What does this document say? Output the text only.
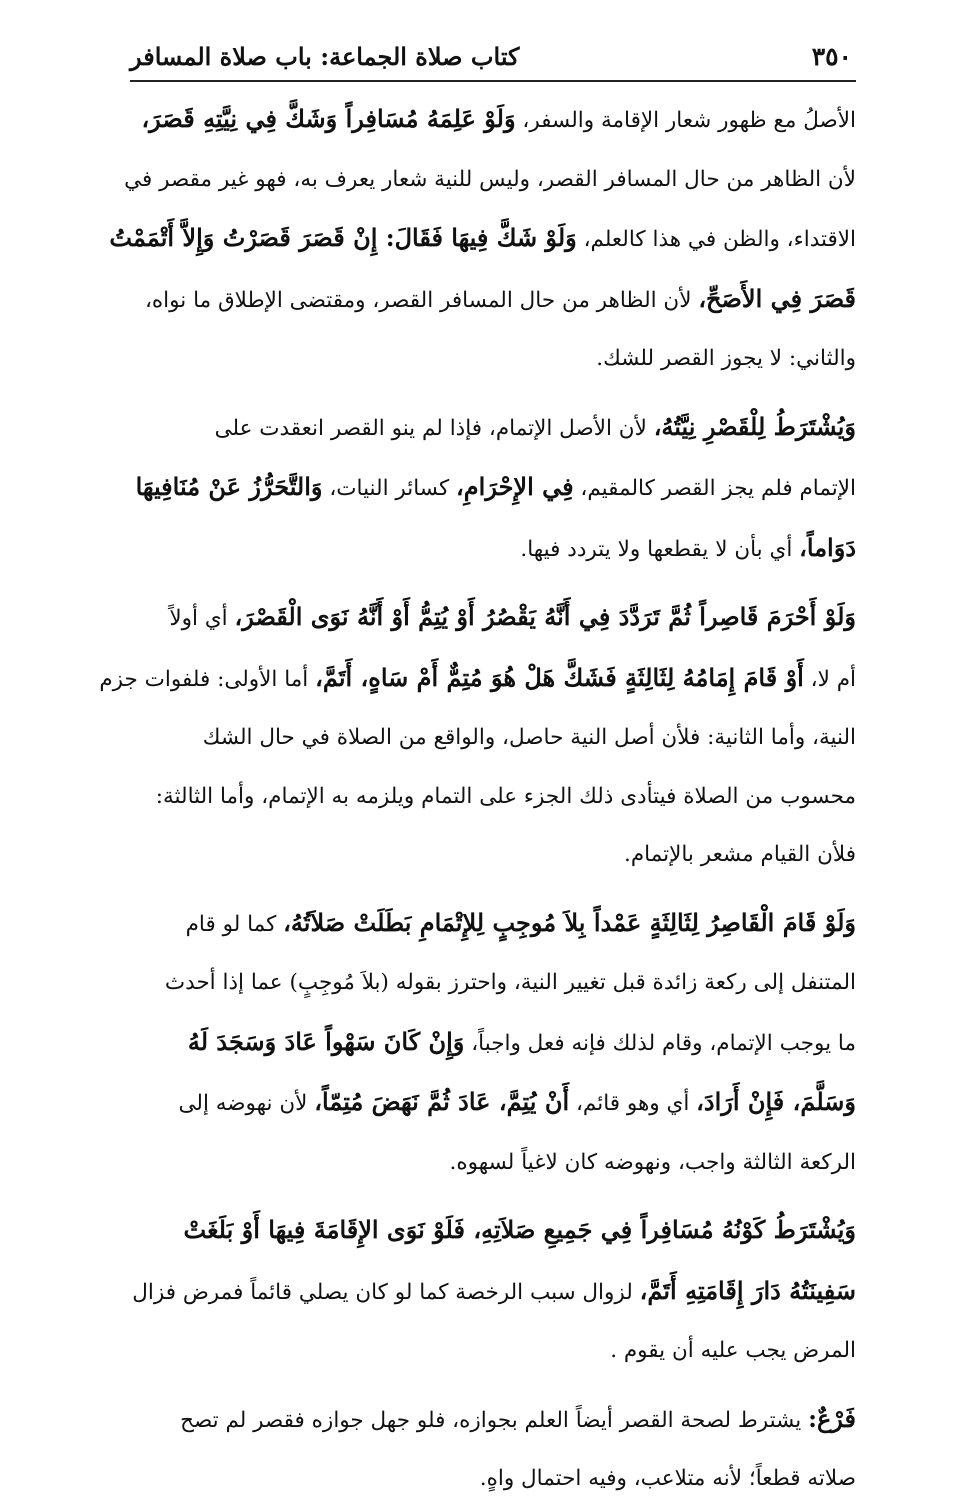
٣٥٠
كتاب صلاة الجماعة: باب صلاة المسافر
الأصلُ مع ظهور شعار الإقامة والسفر، وَلَوْ عَلِمَهُ مُسَافِراً وَشَكَّ فِي نِيَّتِهِ قَصَرَ،
لأن الظاهر من حال المسافر القصر، وليس للنية شعار يعرف به، فهو غير مقصر في
الاقتداء، والظن في هذا كالعلم، وَلَوْ شَكَّ فِيهَا فَقَالَ: إِنْ قَصَرَ قَصَرْتُ وَإِلاَّ أَتْمَمْتُ
قَصَرَ فِي الأَصَحِّ، لأن الظاهر من حال المسافر القصر، ومقتضى الإطلاق ما نواه،
والثاني: لا يجوز القصر للشك.
وَيُشْتَرَطُ لِلْقَصْرِ نِيَّتُهُ، لأن الأصل الإتمام، فإذا لم ينو القصر انعقدت على
الإتمام فلم يجز القصر كالمقيم، فِي الإِحْرَامِ، كسائر النيات، وَالتَّحَرُّزُ عَنْ مُنَافِيهَا
دَوَاماً، أي بأن لا يقطعها ولا يتردد فيها.
وَلَوْ أَحْرَمَ قَاصِراً ثُمَّ تَرَدَّدَ فِي أَنَّهُ يَقْصُرُ أَوْ يُتِمُّ أَوْ أَنَّهُ نَوَى الْقَصْرَ، أي أولاً
أم لا، أَوْ قَامَ إِمَامُهُ لِثَالِثَةٍ فَشَكَّ هَلْ هُوَ مُتِمٌّ أَمْ سَاهٍ، أَتَمَّ، أما الأولى: فلفوات جزم
النية، وأما الثانية: فلأن أصل النية حاصل، والواقع من الصلاة في حال الشك
محسوب من الصلاة فيتأدى ذلك الجزء على التمام ويلزمه به الإتمام، وأما الثالثة:
فلأن القيام مشعر بالإتمام.
وَلَوْ قَامَ الْقَاصِرُ لِثَالِثَةٍ عَمْداً بِلاَ مُوجِبٍ لِلإِتْمَامِ بَطَلَتْ صَلاَتُهُ، كما لو قام
المتنفل إلى ركعة زائدة قبل تغيير النية، واحترز بقوله (بلاَ مُوجِبٍ) عما إذا أحدث
ما يوجب الإتمام، وقام لذلك فإنه فعل واجباً، وَإِنْ كَانَ سَهْواً عَادَ وَسَجَدَ لَهُ
وَسَلَّمَ، فَإِنْ أَرَادَ، أي وهو قائم، أَنْ يُتِمَّ، عَادَ ثُمَّ نَهَضَ مُتِمّاً، لأن نهوضه إلى
الركعة الثالثة واجب، ونهوضه كان لاغياً لسهوه.
وَيُشْتَرَطُ كَوْنُهُ مُسَافِراً فِي جَمِيعِ صَلاَتِهِ، فَلَوْ نَوَى الإِقَامَةَ فِيهَا أَوْ بَلَغَتْ
سَفِينَتُهُ دَارَ إِقَامَتِهِ أَتَمَّ، لزوال سبب الرخصة كما لو كان يصلي قائماً فمرض فزال
المرض يجب عليه أن يقوم .
فَرْعٌ: يشترط لصحة القصر أيضاً العلم بجوازه، فلو جهل جوازه فقصر لم تصح
صلاته قطعاً؛ لأنه متلاعب، وفيه احتمال واهٍ.
